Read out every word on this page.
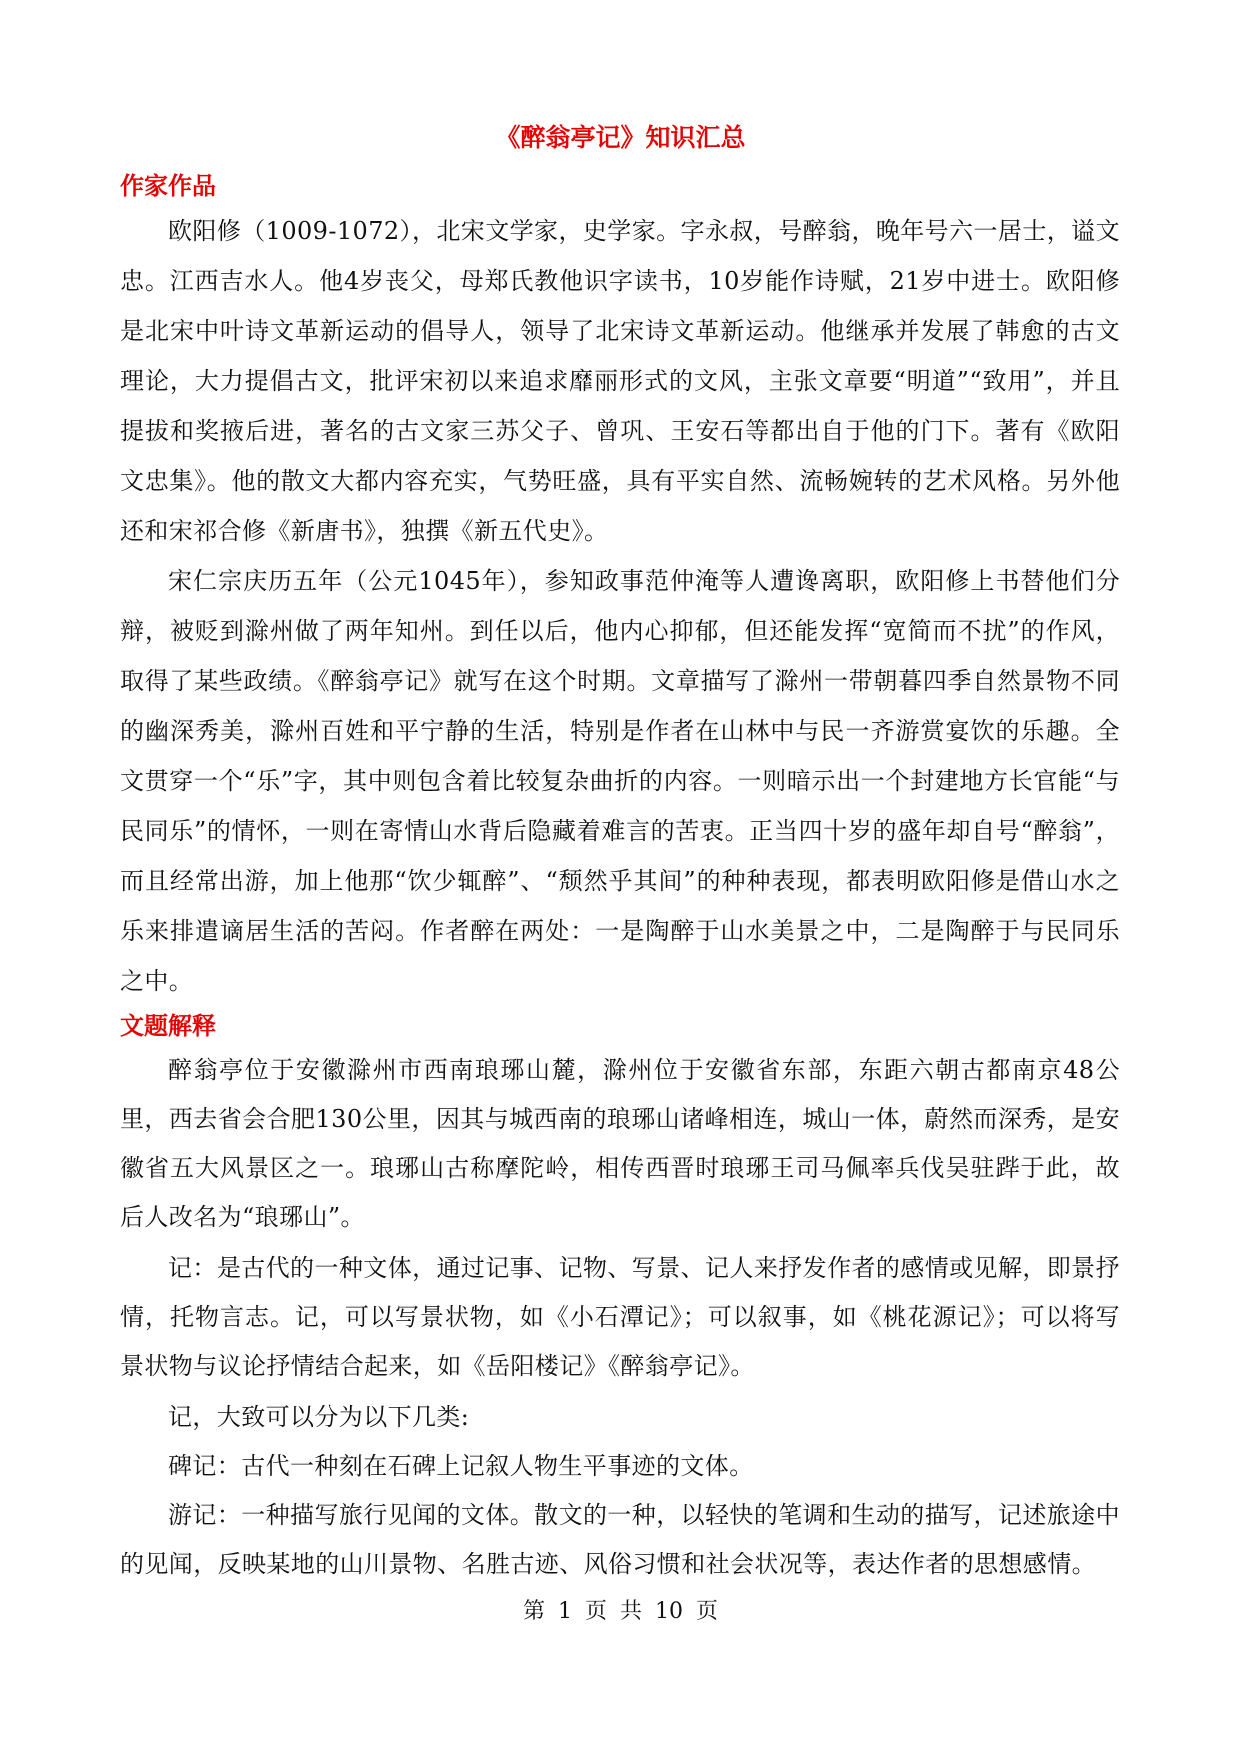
《醉翁亭记》知识汇总
作家作品

欧阳修（1009-1072），北宋文学家，史学家。字永叔，号醉翁，晚年号六一居士，谥文忠。江西吉水人。他4岁丧父，母郑氏教他识字读书，10岁能作诗赋，21岁中进士。欧阳修是北宋中叶诗文革新运动的倡导人，领导了北宋诗文革新运动。他继承并发展了韩愈的古文理论，大力提倡古文，批评宋初以来追求靡丽形式的文风，主张文章要“明道”“致用”，并且提拔和奖掖后进，著名的古文家三苏父子、曾巩、王安石等都出自于他的门下。著有《欧阳文忠集》。他的散文大都内容充实，气势旺盛，具有平实自然、流畅婉转的艺术风格。另外他还和宋祁合修《新唐书》，独撰《新五代史》。

宋仁宗庆历五年（公元1045年），参知政事范仲淹等人遭谗离职，欧阳修上书替他们分辩，被贬到滁州做了两年知州。到任以后，他内心抑郁，但还能发挥“宽简而不扰”的作风，取得了某些政绩。《醉翁亭记》就写在这个时期。文章描写了滁州一带朝暮四季自然景物不同的幽深秀美，滁州百姓和平宁静的生活，特别是作者在山林中与民一齐游赏宴饮的乐趣。全文贯穿一个“乐”字，其中则包含着比较复杂曲折的内容。一则暗示出一个封建地方长官能“与民同乐”的情怀，一则在寄情山水背后隐藏着难言的苦衷。正当四十岁的盛年却自号“醉翁”，而且经常出游，加上他那“饮少辄醉”、“颓然乎其间”的种种表现，都表明欧阳修是借山水之乐来排遣谪居生活的苦闷。作者醉在两处：一是陶醉于山水美景之中，二是陶醉于与民同乐之中。

文题解释

醉翁亭位于安徽滁州市西南琅琊山麓，滁州位于安徽省东部，东距六朝古都南京48公里，西去省会合肥130公里，因其与城西南的琅琊山诸峰相连，城山一体，蔚然而深秀，是安徽省五大风景区之一。琅琊山古称摩陀岭，相传西晋时琅琊王司马佩率兵伐吴驻跸于此，故后人改名为“琅琊山”。

记：是古代的一种文体，通过记事、记物、写景、记人来抒发作者的感情或见解，即景抒情，托物言志。记，可以写景状物，如《小石潭记》；可以叙事，如《桃花源记》；可以将写景状物与议论抒情结合起来，如《岳阳楼记》《醉翁亭记》。

记，大致可以分为以下几类:

碑记：古代一种刻在石碑上记叙人物生平事迹的文体。

游记：一种描写旅行见闻的文体。散文的一种，以轻快的笔调和生动的描写，记述旅途中的见闻，反映某地的山川景物、名胜古迹、风俗习惯和社会状况等，表达作者的思想感情。

第 1 页 共 10 页
